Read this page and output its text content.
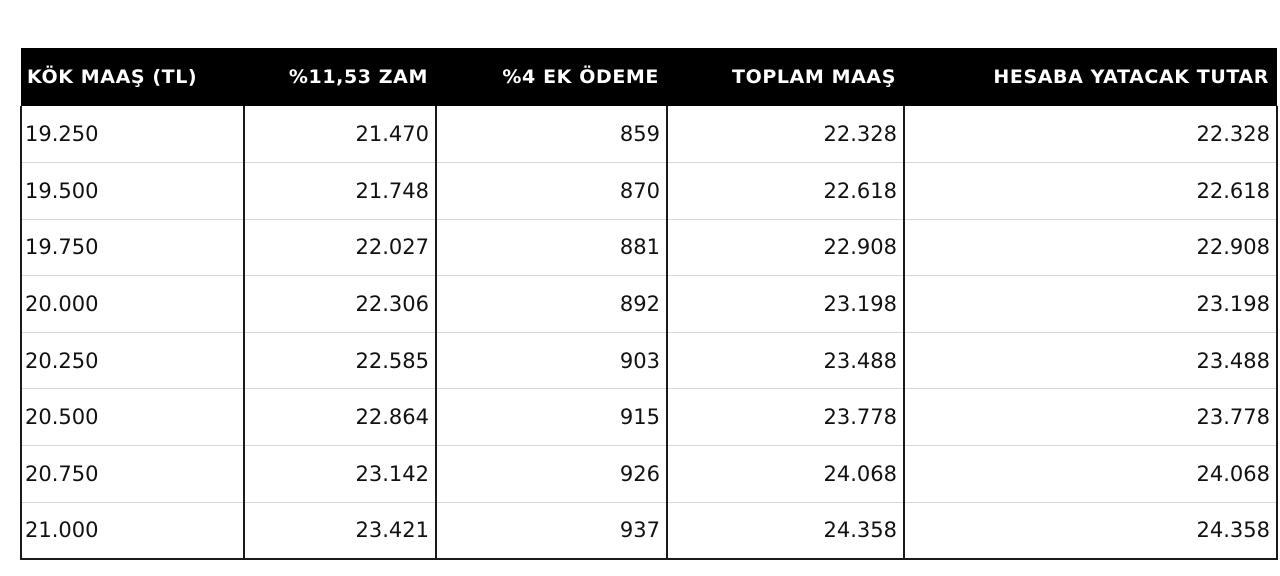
KÖK MAAŞ (TL)	%11,53 ZAM	%4 EK ÖDEME	TOPLAM MAAŞ	HESABA YATACAK TUTAR
19.250	21.470	859	22.328	22.328
19.500	21.748	870	22.618	22.618
19.750	22.027	881	22.908	22.908
20.000	22.306	892	23.198	23.198
20.250	22.585	903	23.488	23.488
20.500	22.864	915	23.778	23.778
20.750	23.142	926	24.068	24.068
21.000	23.421	937	24.358	24.358
